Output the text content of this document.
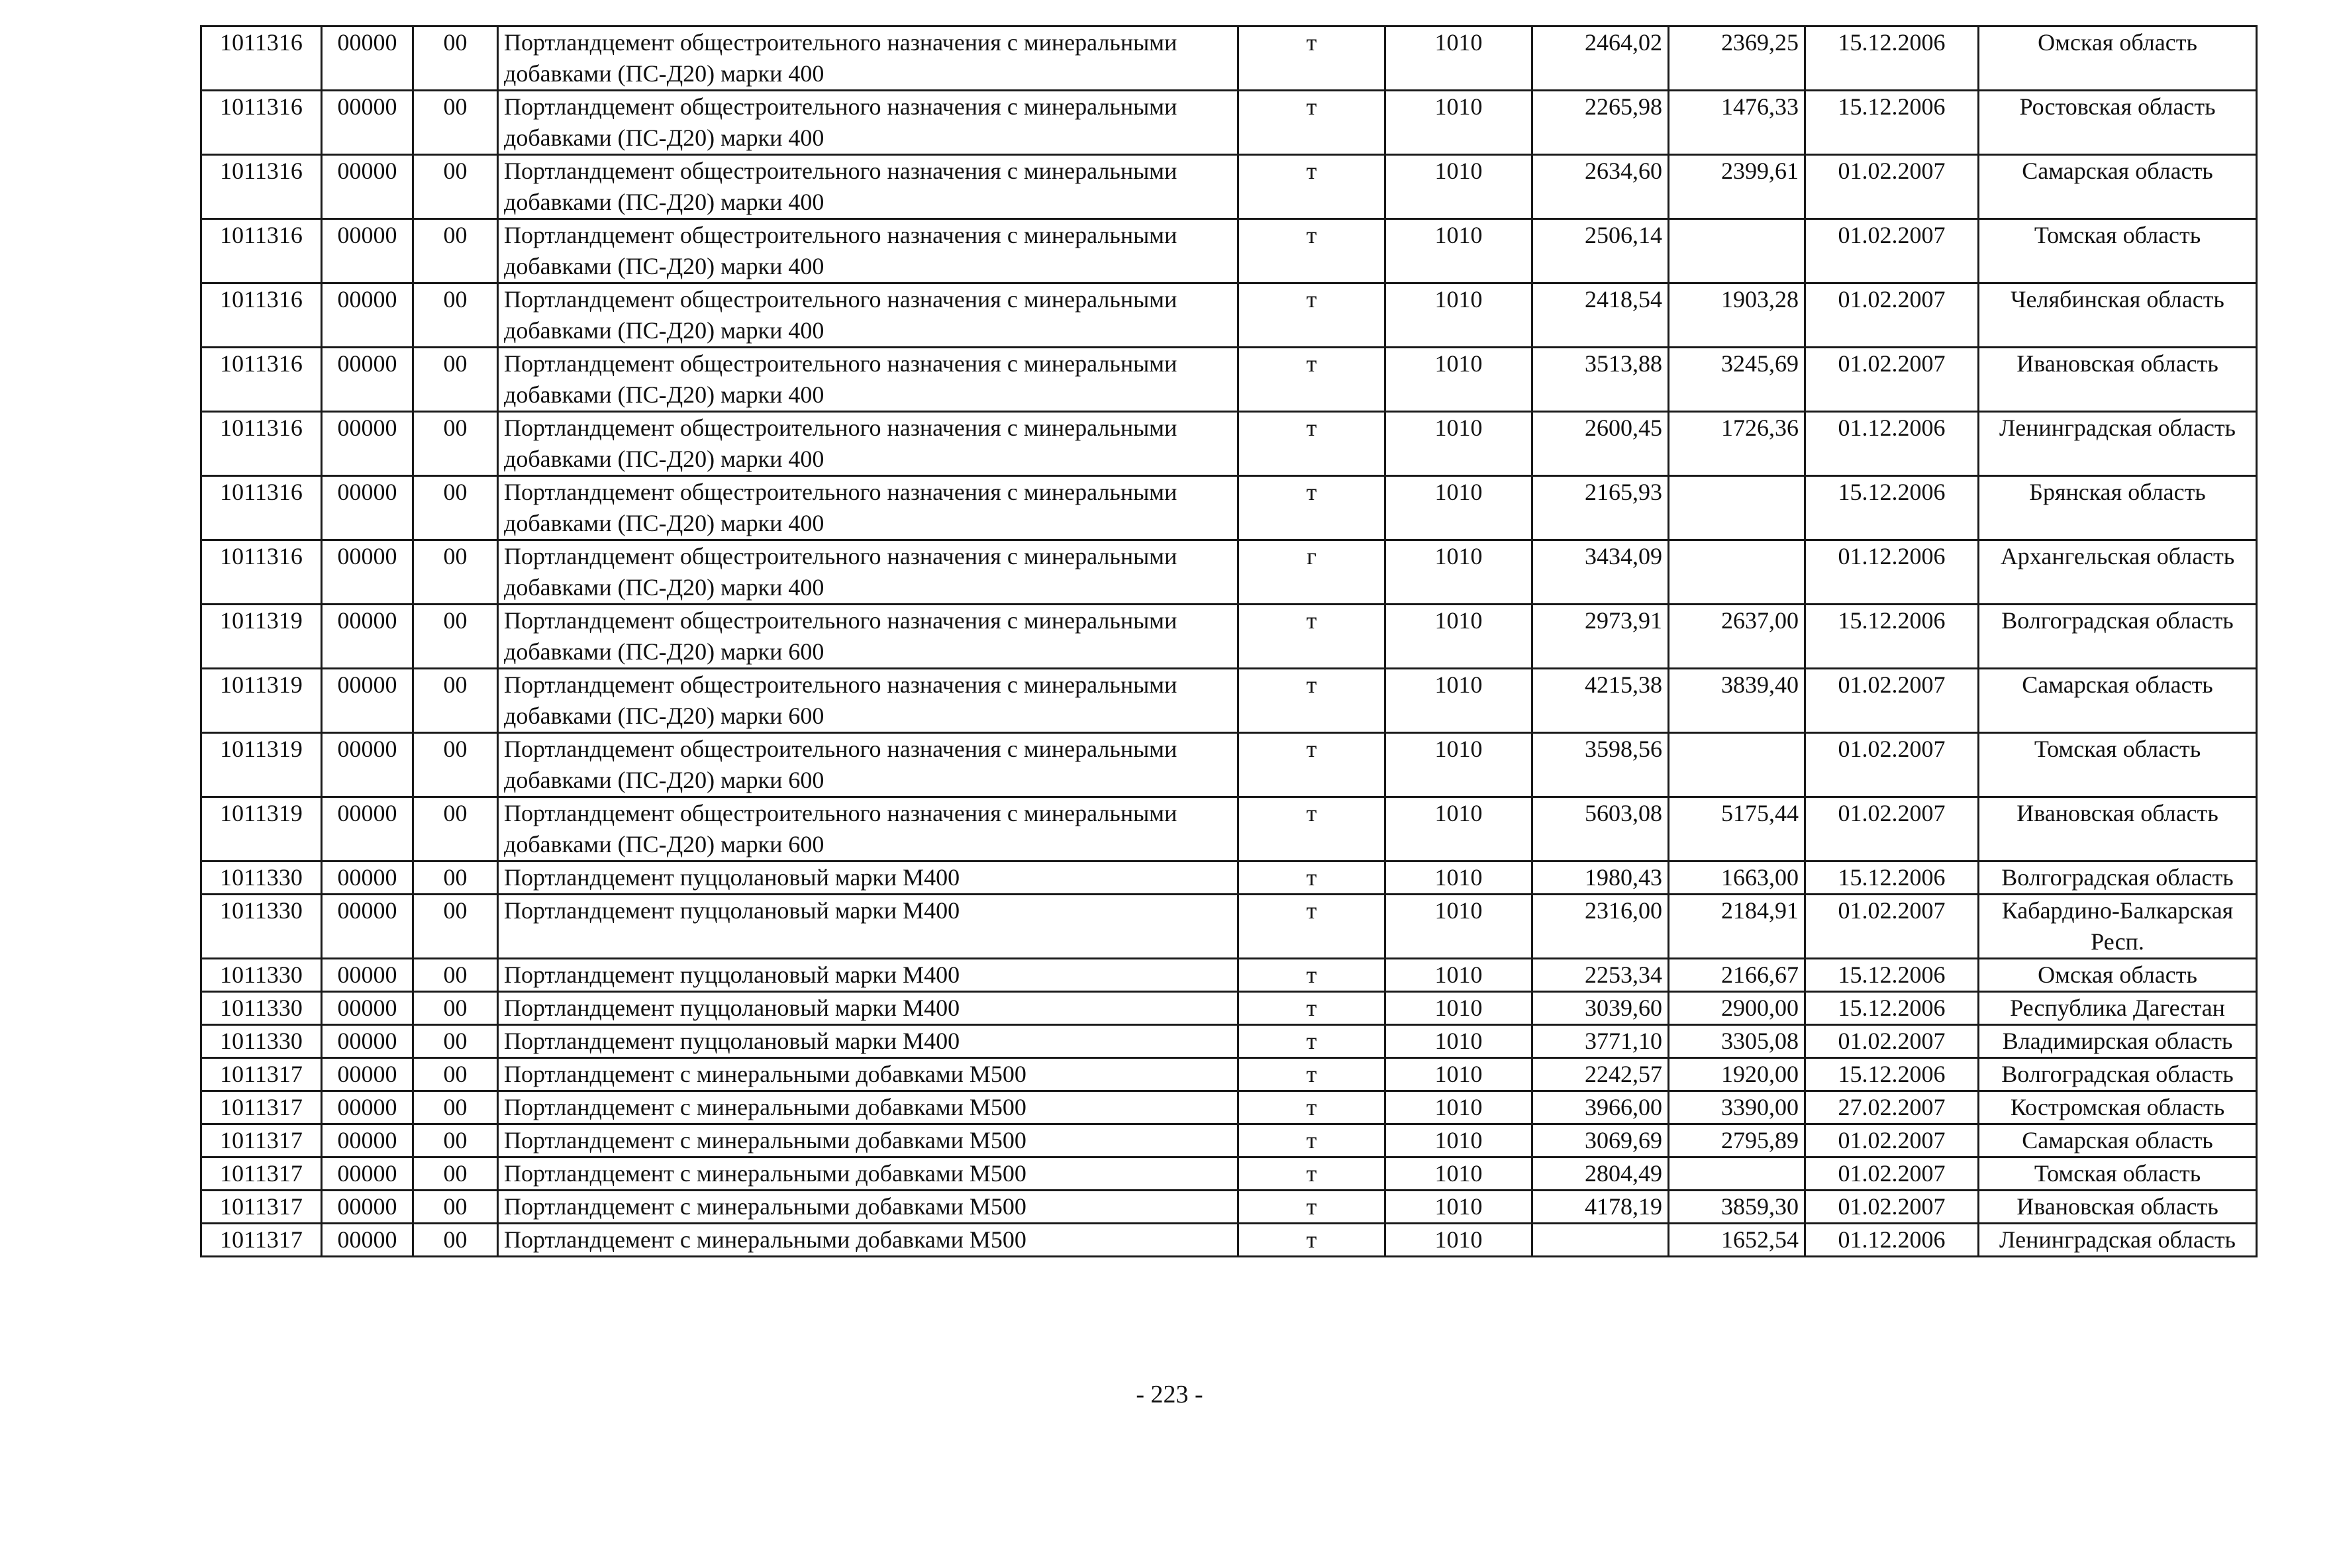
1011316	00000	00	Портландцемент общестроительного назначения с минеральными добавками (ПС-Д20) марки 400	т	1010	2464,02	2369,25	15.12.2006	Омская область
1011316	00000	00	Портландцемент общестроительного назначения с минеральными добавками (ПС-Д20) марки 400	т	1010	2265,98	1476,33	15.12.2006	Ростовская область
1011316	00000	00	Портландцемент общестроительного назначения с минеральными добавками (ПС-Д20) марки 400	т	1010	2634,60	2399,61	01.02.2007	Самарская область
1011316	00000	00	Портландцемент общестроительного назначения с минеральными добавками (ПС-Д20) марки 400	т	1010	2506,14		01.02.2007	Томская область
1011316	00000	00	Портландцемент общестроительного назначения с минеральными добавками (ПС-Д20) марки 400	т	1010	2418,54	1903,28	01.02.2007	Челябинская область
1011316	00000	00	Портландцемент общестроительного назначения с минеральными добавками (ПС-Д20) марки 400	т	1010	3513,88	3245,69	01.02.2007	Ивановская область
1011316	00000	00	Портландцемент общестроительного назначения с минеральными добавками (ПС-Д20) марки 400	т	1010	2600,45	1726,36	01.12.2006	Ленинградская область
1011316	00000	00	Портландцемент общестроительного назначения с минеральными добавками (ПС-Д20) марки 400	т	1010	2165,93		15.12.2006	Брянская область
1011316	00000	00	Портландцемент общестроительного назначения с минеральными добавками (ПС-Д20) марки 400	г	1010	3434,09		01.12.2006	Архангельская область
1011319	00000	00	Портландцемент общестроительного назначения с минеральными добавками (ПС-Д20) марки 600	т	1010	2973,91	2637,00	15.12.2006	Волгоградская область
1011319	00000	00	Портландцемент общестроительного назначения с минеральными добавками (ПС-Д20) марки 600	т	1010	4215,38	3839,40	01.02.2007	Самарская область
1011319	00000	00	Портландцемент общестроительного назначения с минеральными добавками (ПС-Д20) марки 600	т	1010	3598,56		01.02.2007	Томская область
1011319	00000	00	Портландцемент общестроительного назначения с минеральными добавками (ПС-Д20) марки 600	т	1010	5603,08	5175,44	01.02.2007	Ивановская область
1011330	00000	00	Портландцемент пуццолановый марки М400	т	1010	1980,43	1663,00	15.12.2006	Волгоградская область
1011330	00000	00	Портландцемент пуццолановый марки М400	т	1010	2316,00	2184,91	01.02.2007	Кабардино-Балкарская Респ.
1011330	00000	00	Портландцемент пуццолановый марки М400	т	1010	2253,34	2166,67	15.12.2006	Омская область
1011330	00000	00	Портландцемент пуццолановый марки М400	т	1010	3039,60	2900,00	15.12.2006	Республика Дагестан
1011330	00000	00	Портландцемент пуццолановый марки М400	т	1010	3771,10	3305,08	01.02.2007	Владимирская область
1011317	00000	00	Портландцемент с минеральными добавками М500	т	1010	2242,57	1920,00	15.12.2006	Волгоградская область
1011317	00000	00	Портландцемент с минеральными добавками М500	т	1010	3966,00	3390,00	27.02.2007	Костромская область
1011317	00000	00	Портландцемент с минеральными добавками М500	т	1010	3069,69	2795,89	01.02.2007	Самарская область
1011317	00000	00	Портландцемент с минеральными добавками М500	т	1010	2804,49		01.02.2007	Томская область
1011317	00000	00	Портландцемент с минеральными добавками М500	т	1010	4178,19	3859,30	01.02.2007	Ивановская область
1011317	00000	00	Портландцемент с минеральными добавками М500	т	1010		1652,54	01.12.2006	Ленинградская область
- 223 -
